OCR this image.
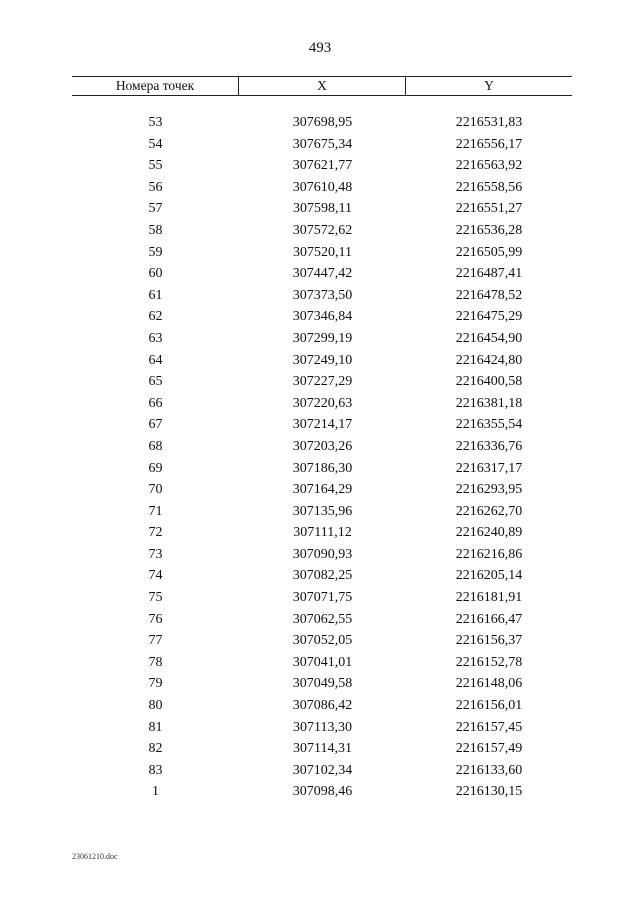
493
Номера точек	X	Y
53	307698,95	2216531,83
54	307675,34	2216556,17
55	307621,77	2216563,92
56	307610,48	2216558,56
57	307598,11	2216551,27
58	307572,62	2216536,28
59	307520,11	2216505,99
60	307447,42	2216487,41
61	307373,50	2216478,52
62	307346,84	2216475,29
63	307299,19	2216454,90
64	307249,10	2216424,80
65	307227,29	2216400,58
66	307220,63	2216381,18
67	307214,17	2216355,54
68	307203,26	2216336,76
69	307186,30	2216317,17
70	307164,29	2216293,95
71	307135,96	2216262,70
72	307111,12	2216240,89
73	307090,93	2216216,86
74	307082,25	2216205,14
75	307071,75	2216181,91
76	307062,55	2216166,47
77	307052,05	2216156,37
78	307041,01	2216152,78
79	307049,58	2216148,06
80	307086,42	2216156,01
81	307113,30	2216157,45
82	307114,31	2216157,49
83	307102,34	2216133,60
1	307098,46	2216130,15
23061210.doc
